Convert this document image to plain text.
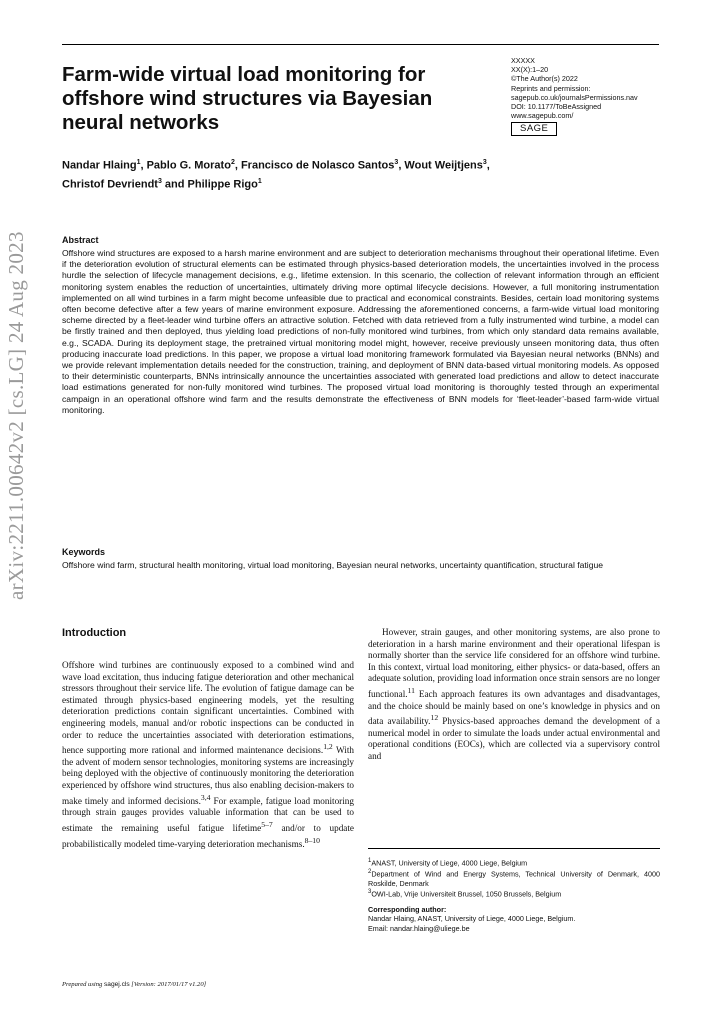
arXiv:2211.00642v2 [cs.LG] 24 Aug 2023
Farm-wide virtual load monitoring for offshore wind structures via Bayesian neural networks
XXXXX
XX(X):1–20
©The Author(s) 2022
Reprints and permission:
sagepub.co.uk/journalsPermissions.nav
DOI: 10.1177/ToBeAssigned
www.sagepub.com/
SAGE
Nandar Hlaing$^1$, Pablo G. Morato$^2$, Francisco de Nolasco Santos$^3$, Wout Weijtjens$^3$,
Christof Devriendt$^3$ and Philippe Rigo$^1$
Abstract
Offshore wind structures are exposed to a harsh marine environment and are subject to deterioration mechanisms throughout their operational lifetime. Even if the deterioration evolution of structural elements can be estimated through physics-based deterioration models, the uncertainties involved in the process hurdle the selection of lifecycle management decisions, e.g., lifetime extension. In this scenario, the collection of relevant information through an efficient monitoring system enables the reduction of uncertainties, ultimately driving more optimal lifecycle decisions. However, a full monitoring instrumentation implemented on all wind turbines in a farm might become unfeasible due to practical and economical constraints. Besides, certain load monitoring systems often become defective after a few years of marine environment exposure. Addressing the aforementioned concerns, a farm-wide virtual load monitoring scheme directed by a fleet-leader wind turbine offers an attractive solution. Fetched with data retrieved from a fully instrumented wind turbine, a model can be firstly trained and then deployed, thus yielding load predictions of non-fully monitored wind turbines, from which only standard data remains available, e.g., SCADA. During its deployment stage, the pretrained virtual monitoring model might, however, receive previously unseen monitoring data, thus often producing inaccurate load predictions. In this paper, we propose a virtual load monitoring framework formulated via Bayesian neural networks (BNNs) and we provide relevant implementation details needed for the construction, training, and deployment of BNN data-based virtual monitoring models. As opposed to their deterministic counterparts, BNNs intrinsically announce the uncertainties associated with generated load predictions and allow to detect inaccurate load estimations generated for non-fully monitored wind turbines. The proposed virtual load monitoring is thoroughly tested through an experimental campaign in an operational offshore wind farm and the results demonstrate the effectiveness of BNN models for ‘fleet-leader’-based farm-wide virtual monitoring.
Keywords
Offshore wind farm, structural health monitoring, virtual load monitoring, Bayesian neural networks, uncertainty quantification, structural fatigue
Introduction

Offshore wind turbines are continuously exposed to a combined wind and wave load excitation, thus inducing fatigue deterioration and other mechanical stressors throughout their service life. The evolution of fatigue damage can be estimated through physics-based engineering models, yet the resulting deterioration predictions contain significant uncertainties. Combined with engineering models, manual and/or robotic inspections can be conducted in order to reduce the uncertainties associated with deterioration estimations, hence supporting more rational and informed maintenance decisions.$^{1,2}$ With the advent of modern sensor technologies, monitoring systems are increasingly being deployed with the objective of continuously monitoring the deterioration experienced by offshore wind structures, thus also enabling decision-makers to make timely and informed decisions.$^{3,4}$ For example, fatigue load monitoring through strain gauges provides valuable information that can be used to estimate the remaining useful fatigue lifetime$^{5-7}$ and/or to update probabilistically modeled time-varying deterioration mechanisms.$^{8-10}$

However, strain gauges, and other monitoring systems, are also prone to deterioration in a harsh marine environment and their operational lifespan is normally shorter than the service life considered for an offshore wind turbine. In this context, virtual load monitoring, either physics- or data-based, offers an adequate solution, providing load information once strain sensors are no longer functional.$^{11}$ Each approach features its own advantages and disadvantages, and the choice should be mainly based on one’s knowledge in physics and on data availability.$^{12}$ Physics-based approaches demand the development of a numerical model in order to simulate the loads under actual environmental and operational conditions (EOCs), which are collected via a supervisory control and

$^1$ANAST, University of Liege, 4000 Liege, Belgium
$^2$Department of Wind and Energy Systems, Technical University of Denmark, 4000 Roskilde, Denmark
$^3$OWI-Lab, Vrije Universiteit Brussel, 1050 Brussels, Belgium
Corresponding author:
Nandar Hlaing, ANAST, University of Liege, 4000 Liege, Belgium.
Email: nandar.hlaing@uliege.be
Prepared using sagej.cls [Version: 2017/01/17 v1.20]
